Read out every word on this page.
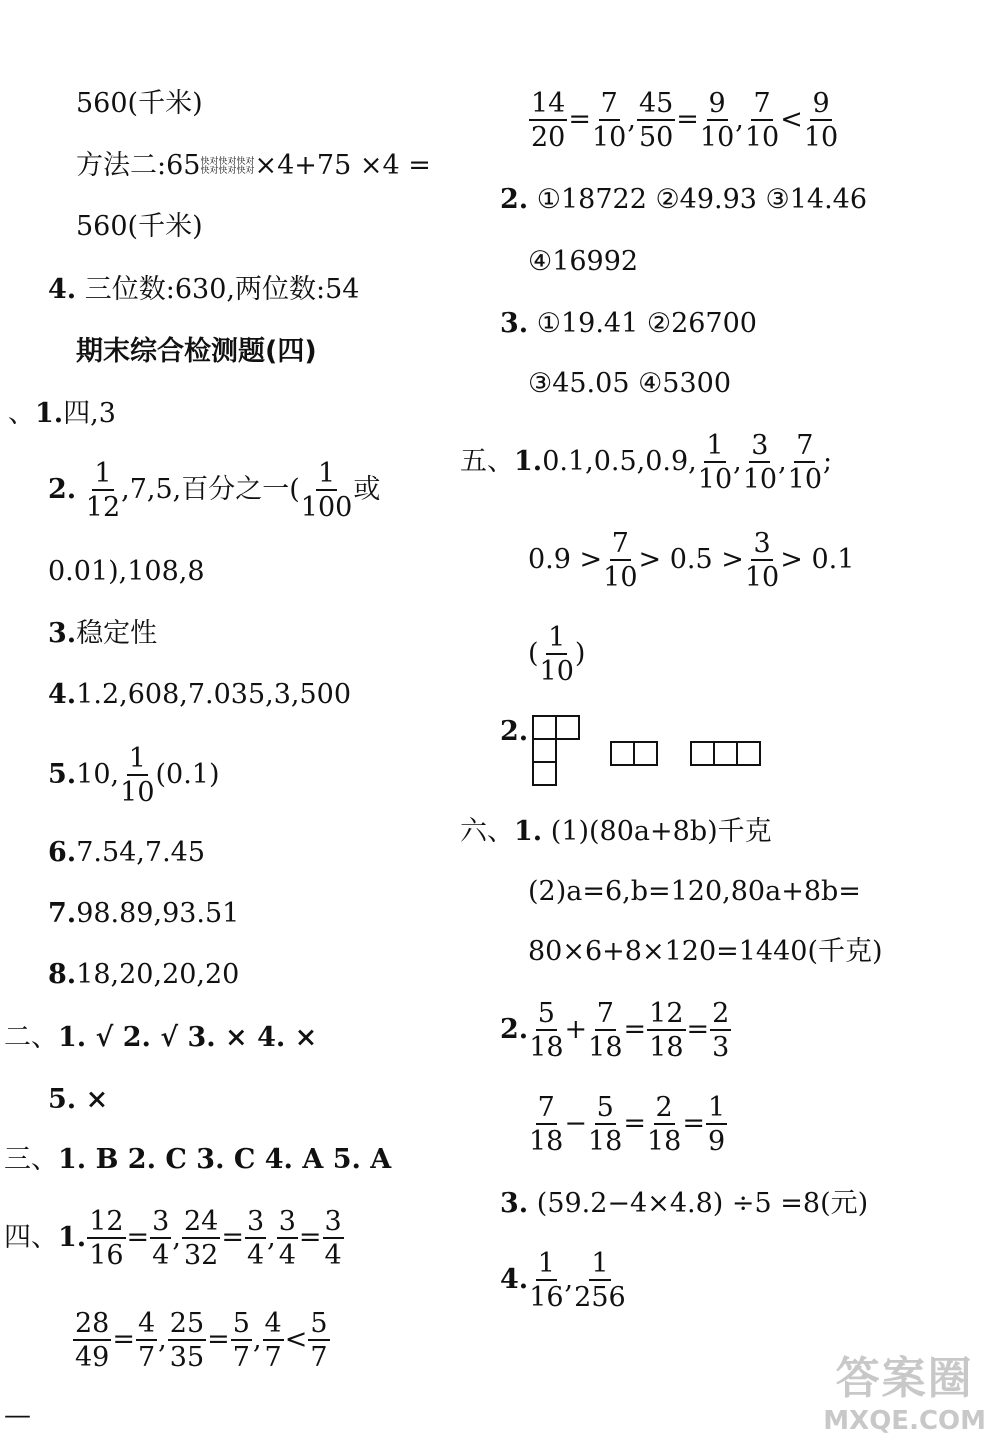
560(千米)
方法二:65快对快对快对
快对快对快对×4+75 ×4 =
560(千米)
4. 三位数:630,两位数:54
期末综合检测题(四)
、1.四,3
2. $\frac{1}{12} ,7,5$,百分之一( $\frac{1}{100}$ 或
0.01),108,8
3.稳定性
4.1.2,608,7.035,3,500
5.10, $\frac{1}{10} (0.1)$
6.7.54,7.45
7.98.89,93.51
8.18,20,20,20
二、1. √ 2. √ 3. × 4. ×
5. ×
三、1. B 2. C 3. C 4. A 5. A
四、1. $\frac{12}{16} = \frac{3}{4}$ , $\frac{24}{32} = \frac{3}{4}$ , $\frac{3}{4} = \frac{3}{4}$
$\frac{28}{49} = \frac{4}{7}$ , $\frac{25}{35} = \frac{5}{7}$ , $\frac{4}{7} < \frac{5}{7}$
—
$\frac{14}{20} = \frac{7}{10}$ , $\frac{45}{50} = \frac{9}{10}$ , $\frac{7}{10} < \frac{9}{10}$
2. ①18722 ②49.93 ③14.46
④16992
3. ①19.41 ②26700
③45.05 ④5300
五、1.0.1,0.5,0.9, $\frac{1}{10}$ , $\frac{3}{10}$ , $\frac{7}{10}$ ;
$0.9 > \frac{7}{10} > 0.5 > \frac{3}{10} > 0.1$
( $\frac{1}{10}$ )
2.
六、1. (1)(80a+8b)千克
(2)a=6,b=120,80a+8b=
80×6+8×120=1440(千克)
2. $\frac{5}{18} + \frac{7}{18} = \frac{12}{18} = \frac{2}{3}$
$\frac{7}{18} - \frac{5}{18} = \frac{2}{18} = \frac{1}{9}$
3. (59.2−4×4.8) ÷5 =8(元)
4. $\frac{1}{16}$ , $\frac{1}{256}$
答案圈
MXQE.COM
